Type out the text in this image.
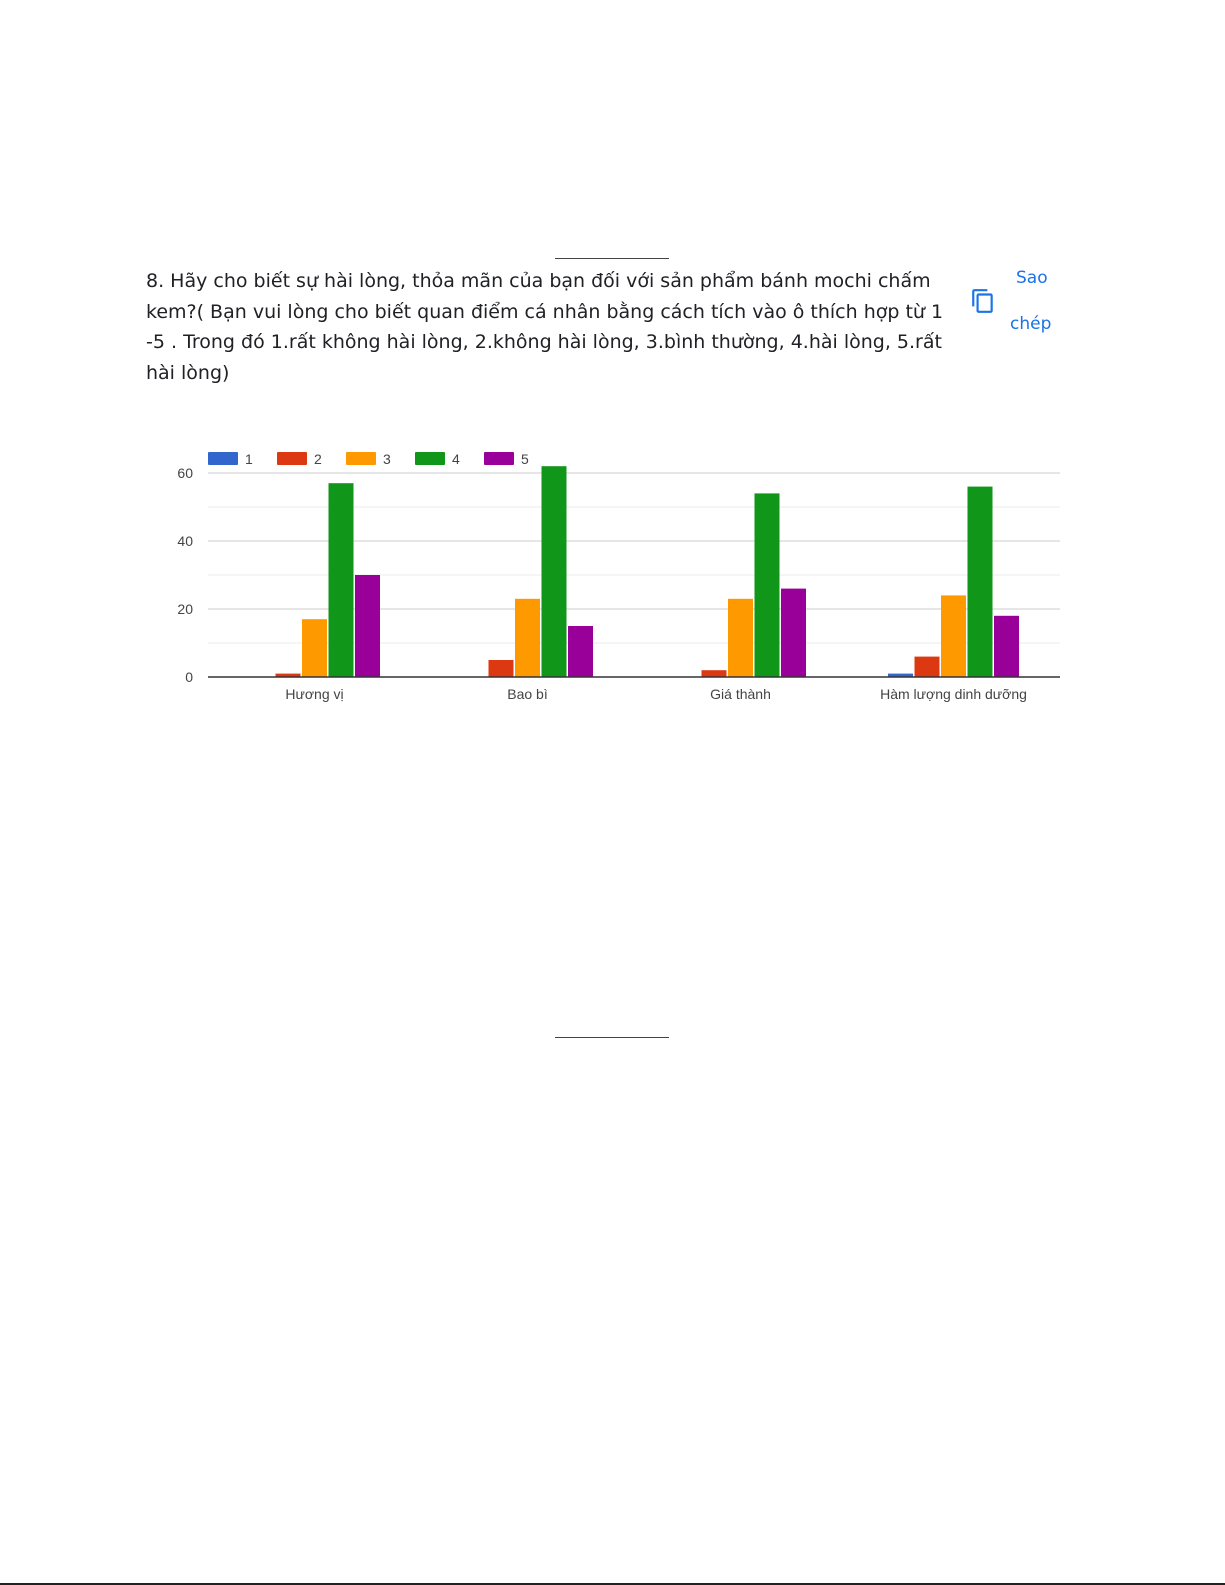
8. Hãy cho biết sự hài lòng, thỏa mãn của bạn đối với sản phẩm bánh mochi chấm kem?( Bạn vui lòng cho biết quan điểm cá nhân bằng cách tích vào ô thích hợp từ 1 -5 . Trong đó 1.rất không hài lòng, 2.không hài lòng, 3.bình thường, 4.hài lòng, 5.rất hài lòng)
Sao
chép
0
20
40
60
Hương vị	Bao bì	Giá thành	Hàm lượng dinh dưỡng
1	2	3	4	5
